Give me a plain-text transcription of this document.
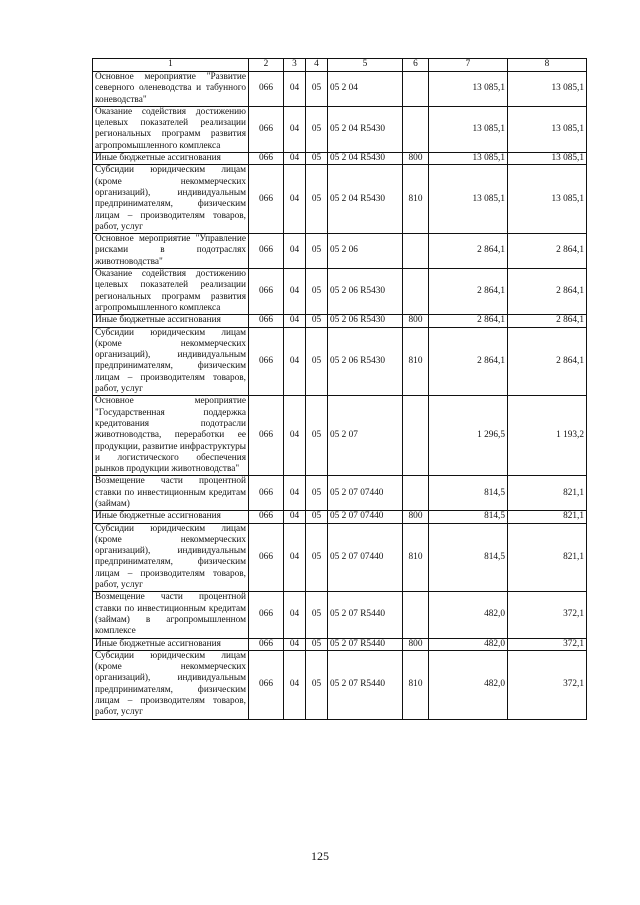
1	2	3	4	5	6	7	8
Основное мероприятие "Развитие северного оленеводства и табунного коневодства"	066	04	05	05 2 04		13 085,1	13 085,1
Оказание содействия достижению целевых показателей реализации региональных программ развития агропромышленного комплекса	066	04	05	05 2 04 R5430		13 085,1	13 085,1
Иные бюджетные ассигнования	066	04	05	05 2 04 R5430	800	13 085,1	13 085,1
Субсидии юридическим лицам (кроме некоммерческих организаций), индивидуальным предпринимателям, физическим лицам – производителям товаров, работ, услуг	066	04	05	05 2 04 R5430	810	13 085,1	13 085,1
Основное мероприятие "Управление рисками в подотраслях животноводства"	066	04	05	05 2 06		2 864,1	2 864,1
Оказание содействия достижению целевых показателей реализации региональных программ развития агропромышленного комплекса	066	04	05	05 2 06 R5430		2 864,1	2 864,1
Иные бюджетные ассигнования	066	04	05	05 2 06 R5430	800	2 864,1	2 864,1
Субсидии юридическим лицам (кроме некоммерческих организаций), индивидуальным предпринимателям, физическим лицам – производителям товаров, работ, услуг	066	04	05	05 2 06 R5430	810	2 864,1	2 864,1
Основное мероприятие "Государственная поддержка кредитования подотрасли животноводства, переработки ее продукции, развитие инфраструктуры и логистического обеспечения рынков продукции животноводства"	066	04	05	05 2 07		1 296,5	1 193,2
Возмещение части процентной ставки по инвестиционным кредитам (займам)	066	04	05	05 2 07 07440		814,5	821,1
Иные бюджетные ассигнования	066	04	05	05 2 07 07440	800	814,5	821,1
Субсидии юридическим лицам (кроме некоммерческих организаций), индивидуальным предпринимателям, физическим лицам – производителям товаров, работ, услуг	066	04	05	05 2 07 07440	810	814,5	821,1
Возмещение части процентной ставки по инвестиционным кредитам (займам) в агропромышленном комплексе	066	04	05	05 2 07 R5440		482,0	372,1
Иные бюджетные ассигнования	066	04	05	05 2 07 R5440	800	482,0	372,1
Субсидии юридическим лицам (кроме некоммерческих организаций), индивидуальным предпринимателям, физическим лицам – производителям товаров, работ, услуг	066	04	05	05 2 07 R5440	810	482,0	372,1
125
